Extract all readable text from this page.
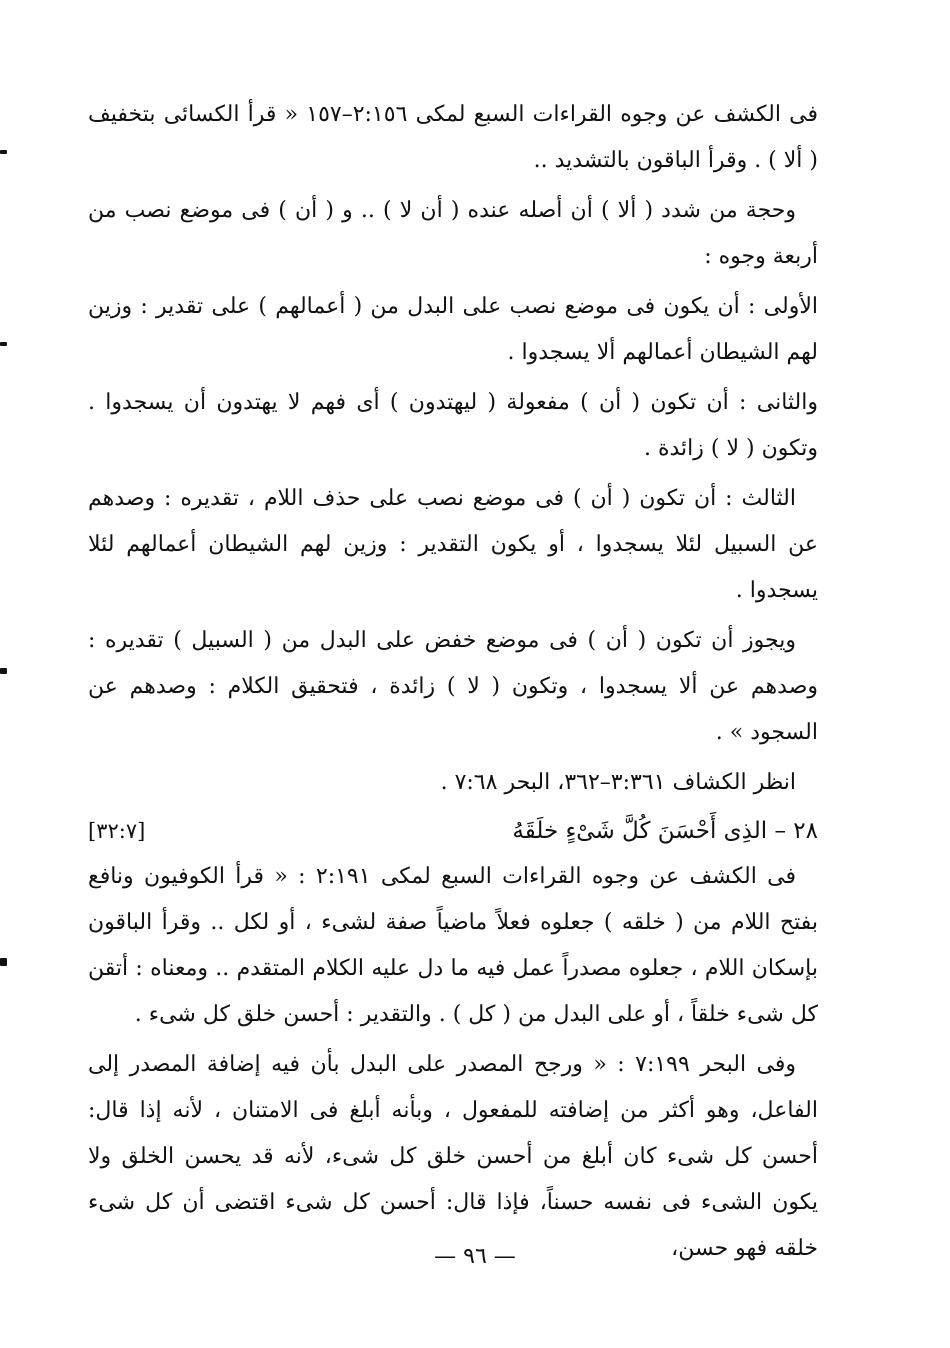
فى الكشف عن وجوه القراءات السبع لمكى ٢:١٥٦–١٥٧ « قرأ الكسائى بتخفيف ( ألا ) . وقرأ الباقون بالتشديد ..

وحجة من شدد ( ألا ) أن أصله عنده ( أن لا ) .. و ( أن ) فى موضع نصب من أربعة وجوه :

الأولى : أن يكون فى موضع نصب على البدل من ( أعمالهم ) على تقدير : وزين لهم الشيطان أعمالهم ألا يسجدوا .

والثانى : أن تكون ( أن ) مفعولة ( ليهتدون ) أى فهم لا يهتدون أن يسجدوا . وتكون ( لا ) زائدة .

الثالث : أن تكون ( أن ) فى موضع نصب على حذف اللام ، تقديره : وصدهم عن السبيل لئلا يسجدوا ، أو يكون التقدير : وزين لهم الشيطان أعمالهم لئلا يسجدوا .

ويجوز أن تكون ( أن ) فى موضع خفض على البدل من ( السبيل ) تقديره : وصدهم عن ألا يسجدوا ، وتكون ( لا ) زائدة ، فتحقيق الكلام : وصدهم عن السجود » .

انظر الكشاف ٣:٣٦١–٣٦٢، البحر ٧:٦٨ .

٢٨ – الذِى أَحْسَنَ كُلَّ شَىْءٍ خلَقَهُ
[٣٢:٧]

فى الكشف عن وجوه القراءات السبع لمكى ٢:١٩١ : « قرأ الكوفيون ونافع بفتح اللام من ( خلقه ) جعلوه فعلاً ماضياً صفة لشىء ، أو لكل .. وقرأ الباقون بإسكان اللام ، جعلوه مصدراً عمل فيه ما دل عليه الكلام المتقدم .. ومعناه : أتقن كل شىء خلقاً ، أو على البدل من ( كل ) . والتقدير : أحسن خلق كل شىء .

وفى البحر ٧:١٩٩ : « ورجح المصدر على البدل بأن فيه إضافة المصدر إلى الفاعل، وهو أكثر من إضافته للمفعول ، وبأنه أبلغ فى الامتنان ، لأنه إذا قال: أحسن كل شىء كان أبلغ من أحسن خلق كل شىء، لأنه قد يحسن الخلق ولا يكون الشىء فى نفسه حسناً، فإذا قال: أحسن كل شىء اقتضى أن كل شىء خلقه فهو حسن،

— ٩٦ —
